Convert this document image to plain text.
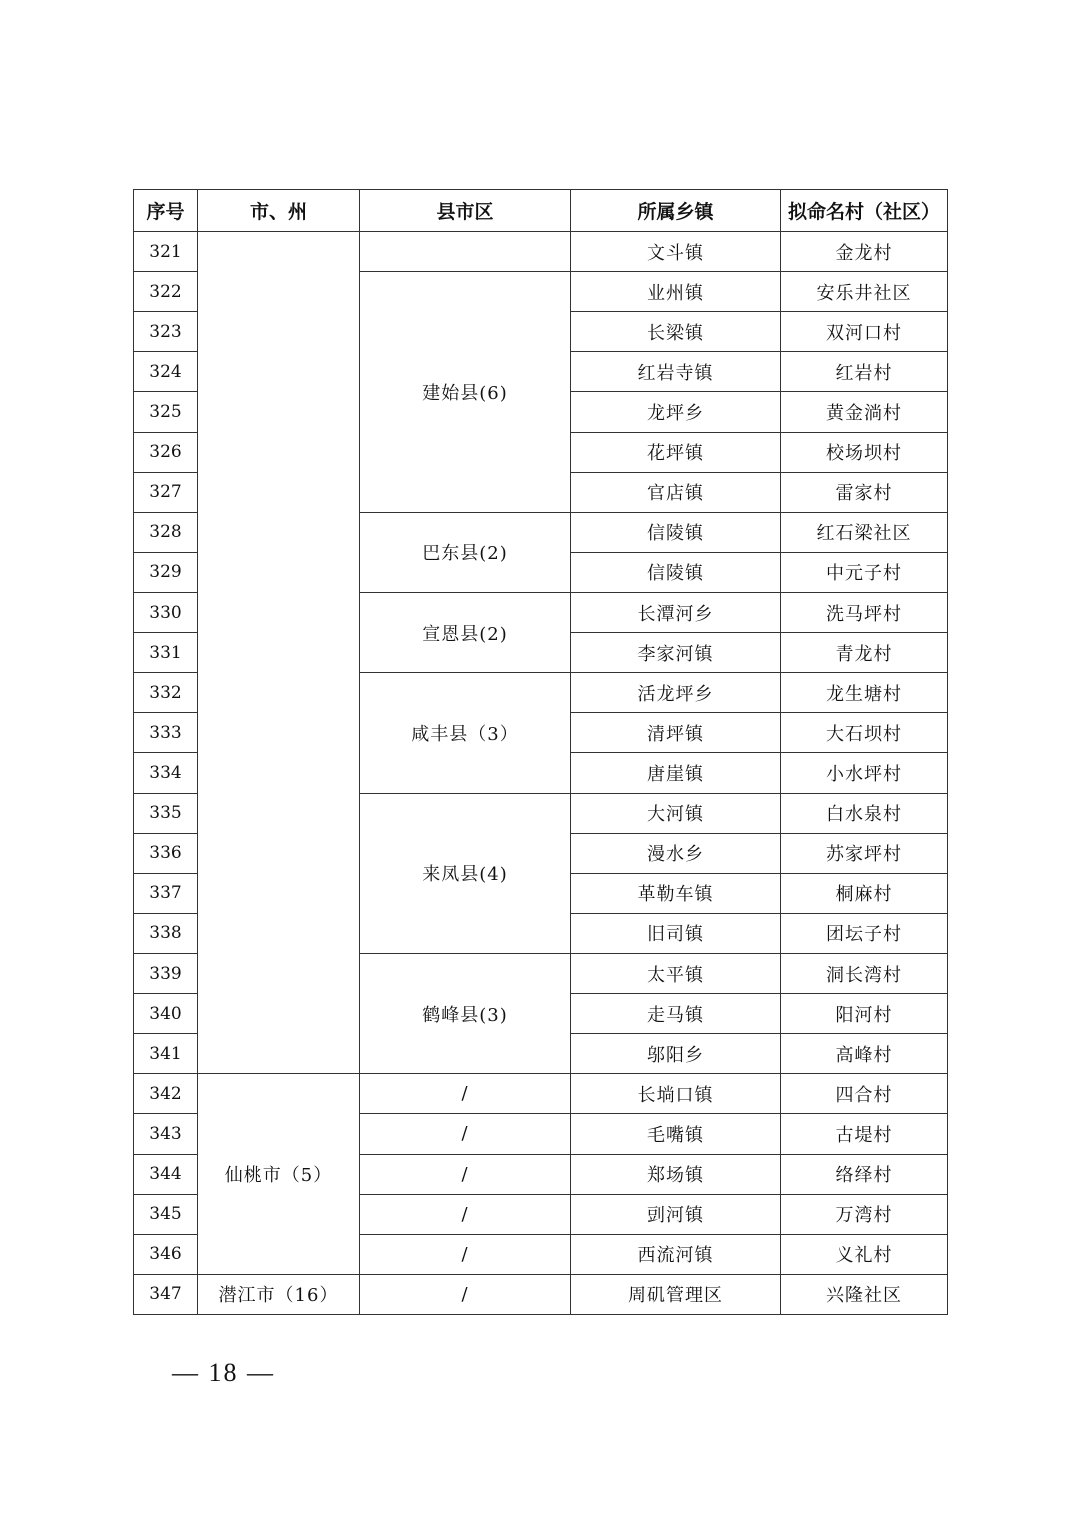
序号	市、州	县市区	所属乡镇	拟命名村（社区）
321			文斗镇	金龙村
322		建始县(6)	业州镇	安乐井社区
323			长梁镇	双河口村
324			红岩寺镇	红岩村
325			龙坪乡	黄金淌村
326			花坪镇	校场坝村
327			官店镇	雷家村
328		巴东县(2)	信陵镇	红石梁社区
329			信陵镇	中元子村
330		宣恩县(2)	长潭河乡	洗马坪村
331			李家河镇	青龙村
332		咸丰县（3）	活龙坪乡	龙生塘村
333			清坪镇	大石坝村
334			唐崖镇	小水坪村
335		来凤县(4)	大河镇	白水泉村
336			漫水乡	苏家坪村
337			革勒车镇	桐麻村
338			旧司镇	团坛子村
339		鹤峰县(3)	太平镇	洞长湾村
340			走马镇	阳河村
341			邬阳乡	高峰村
342	仙桃市（5）	/	长埫口镇	四合村
343		/	毛嘴镇	古堤村
344		/	郑场镇	络绎村
345		/	剅河镇	万湾村
346		/	西流河镇	义礼村
347	潜江市（16）	/	周矶管理区	兴隆社区
— 18 —
